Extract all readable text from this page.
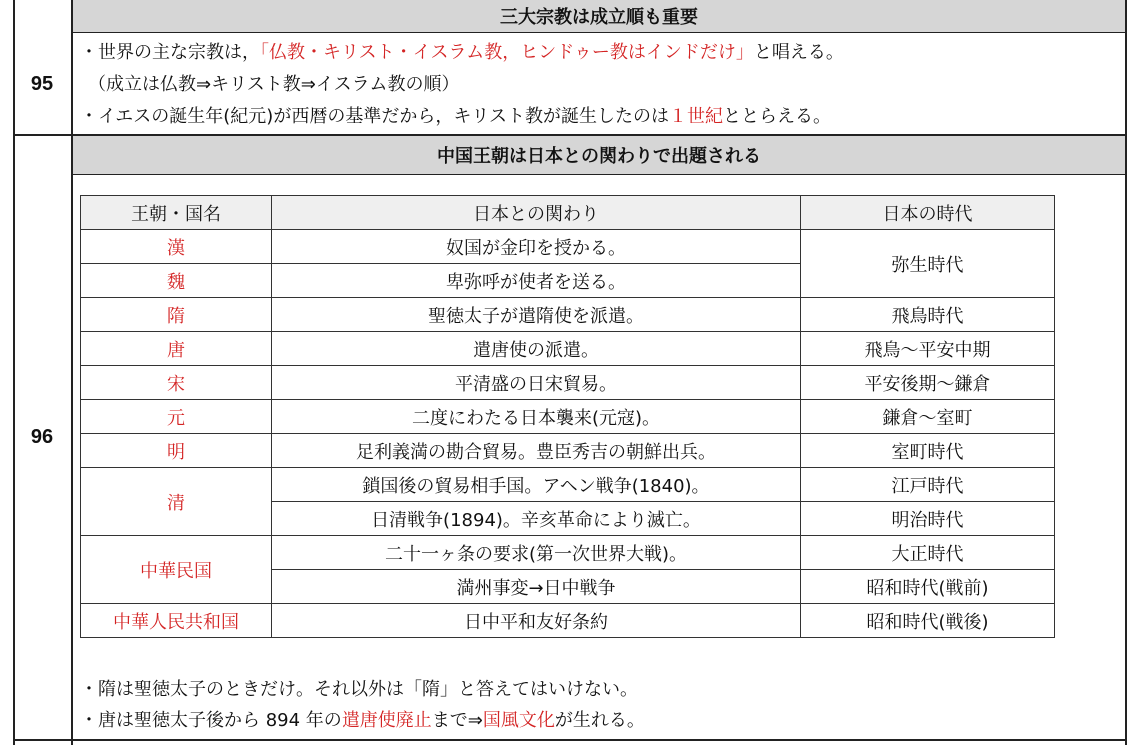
三大宗教は成立順も重要
95
・世界の主な宗教は，「仏教・キリスト・イスラム教，ヒンドゥー教はインドだけ」と唱える。
（成立は仏教⇒キリスト教⇒イスラム教の順）
・イエスの誕生年(紀元)が西暦の基準だから，キリスト教が誕生したのは１世紀ととらえる。
中国王朝は日本との関わりで出題される
96
王朝・国名	日本との関わり	日本の時代
漢	奴国が金印を授かる。	弥生時代
魏	卑弥呼が使者を送る。	
隋	聖徳太子が遣隋使を派遣。	飛鳥時代
唐	遣唐使の派遣。	飛鳥～平安中期
宋	平清盛の日宋貿易。	平安後期～鎌倉
元	二度にわたる日本襲来(元寇)。	鎌倉～室町
明	足利義満の勘合貿易。豊臣秀吉の朝鮮出兵。	室町時代
清	鎖国後の貿易相手国。アヘン戦争(1840)。	江戸時代
	日清戦争(1894)。辛亥革命により滅亡。	明治時代
中華民国	二十一ヶ条の要求(第一次世界大戦)。	大正時代
	満州事変→日中戦争	昭和時代(戦前)
中華人民共和国	日中平和友好条約	昭和時代(戦後)
・隋は聖徳太子のときだけ。それ以外は「隋」と答えてはいけない。
・唐は聖徳太子後から 894 年の遣唐使廃止まで⇒国風文化が生れる。
